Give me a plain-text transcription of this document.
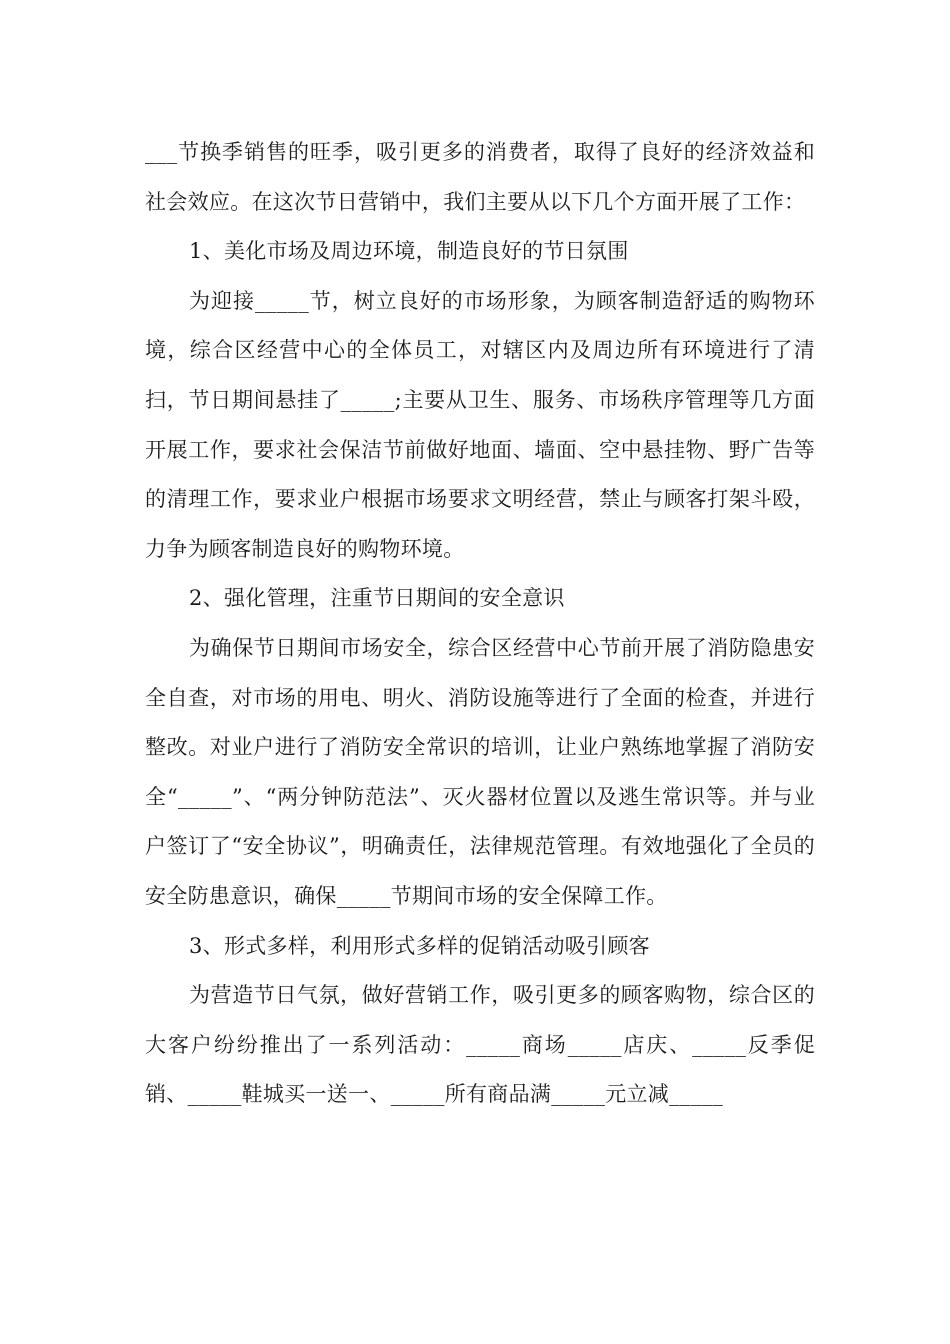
___节换季销售的旺季，吸引更多的消费者，取得了良好的经济效益和社会效应。在这次节日营销中，我们主要从以下几个方面开展了工作：

1、美化市场及周边环境，制造良好的节日氛围

为迎接_____节，树立良好的市场形象，为顾客制造舒适的购物环境，综合区经营中心的全体员工，对辖区内及周边所有环境进行了清扫，节日期间悬挂了_____;主要从卫生、服务、市场秩序管理等几方面开展工作，要求社会保洁节前做好地面、墙面、空中悬挂物、野广告等的清理工作，要求业户根据市场要求文明经营，禁止与顾客打架斗殴，力争为顾客制造良好的购物环境。

2、强化管理，注重节日期间的安全意识

为确保节日期间市场安全，综合区经营中心节前开展了消防隐患安全自查，对市场的用电、明火、消防设施等进行了全面的检查，并进行整改。对业户进行了消防安全常识的培训，让业户熟练地掌握了消防安全“_____”、“两分钟防范法”、灭火器材位置以及逃生常识等。并与业户签订了“安全协议”，明确责任，法律规范管理。有效地强化了全员的安全防患意识，确保_____节期间市场的安全保障工作。

3、形式多样，利用形式多样的促销活动吸引顾客

为营造节日气氛，做好营销工作，吸引更多的顾客购物，综合区的大客户纷纷推出了一系列活动：_____商场_____店庆、_____反季促销、_____鞋城买一送一、_____所有商品满_____元立减_____
